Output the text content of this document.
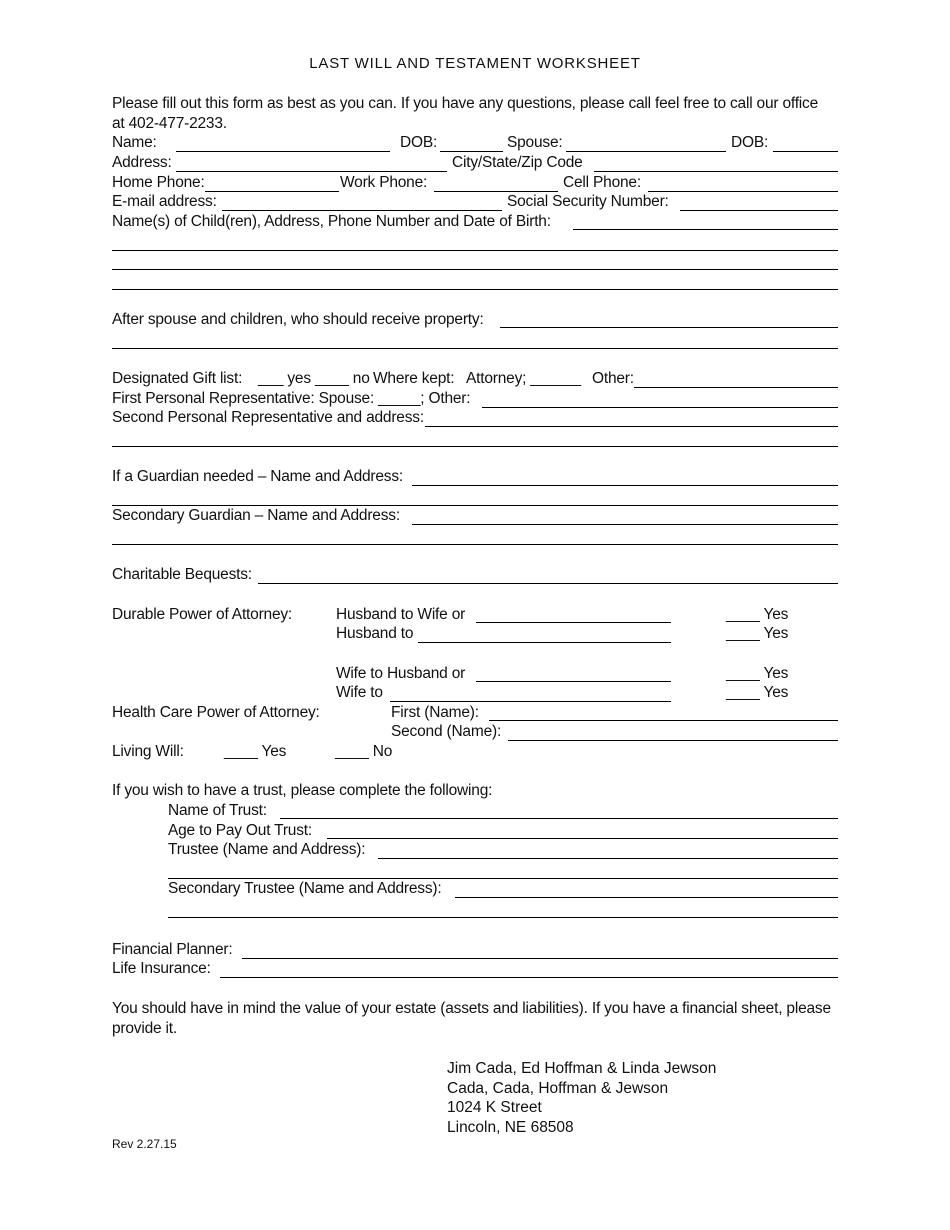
LAST WILL AND TESTAMENT WORKSHEET
Please fill out this form as best as you can. If you have any questions, please call feel free to call our office at 402-477-2233.
Name:	DOB:	Spouse:	DOB:
Address:	City/State/Zip Code
Home Phone:	Work Phone:	Cell Phone:
E-mail address:	Social Security Number:
Name(s) of Child(ren), Address, Phone Number and Date of Birth:
After spouse and children, who should receive property:
Designated Gift list: ___ yes ____ no Where kept: Attorney; ______ Other:
First Personal Representative: Spouse: _____; Other:
Second Personal Representative and address:
If a Guardian needed – Name and Address:
Secondary Guardian – Name and Address:
Charitable Bequests:
Durable Power of Attorney:	Husband to Wife or	____ Yes
Husband to	____ Yes
Wife to Husband or	____ Yes
Wife to	____ Yes
Health Care Power of Attorney:	First (Name):
Second (Name):
Living Will:	____ Yes	____ No
If you wish to have a trust, please complete the following:
Name of Trust:
Age to Pay Out Trust:
Trustee (Name and Address):
Secondary Trustee (Name and Address):
Financial Planner:
Life Insurance:
You should have in mind the value of your estate (assets and liabilities). If you have a financial sheet, please provide it.
Jim Cada, Ed Hoffman & Linda Jewson
Cada, Cada, Hoffman & Jewson
1024 K Street
Lincoln, NE 68508
Rev 2.27.15
